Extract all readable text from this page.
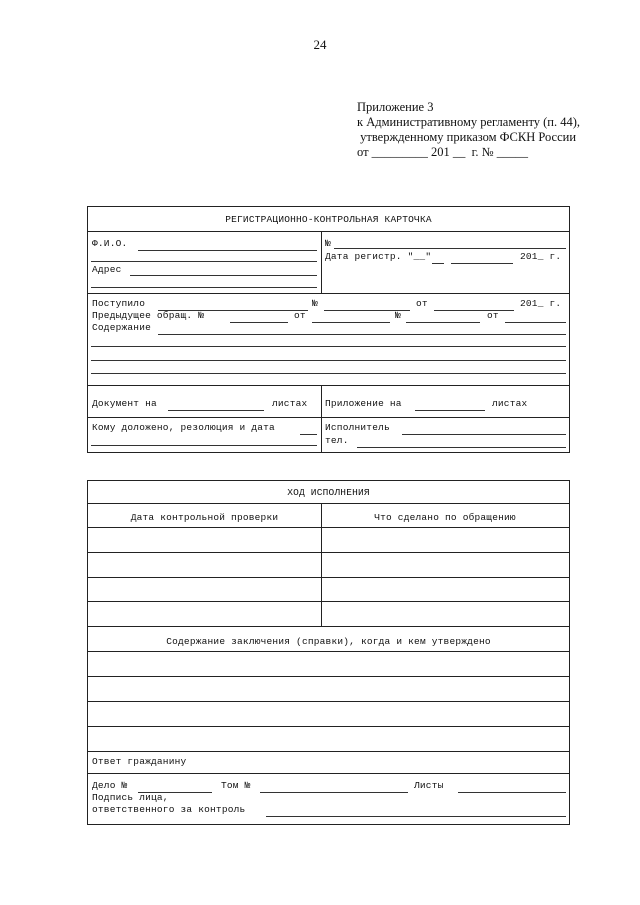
24
Приложение 3
к Административному регламенту (п. 44),
утвержденному приказом ФСКН России
от _________ 201 __  г. № _____
РЕГИСТРАЦИОННО-КОНТРОЛЬНАЯ КАРТОЧКА
Ф.И.О.
Адрес
№
Дата регистр. "__"	201_ г.
Поступило	№	от	201_ г.
Предыдущее обращ. №	от	№	от
Содержание
Документ на	листах Приложение на	листах
Кому доложено, резолюция и дата	Исполнитель
тел.
ХОД ИСПОЛНЕНИЯ
Дата контрольной проверки	Что сделано по обращению
Содержание заключения (справки), когда и кем утверждено
Ответ гражданину
Дело №	Том №	Листы
Подпись лица,
ответственного за контроль
